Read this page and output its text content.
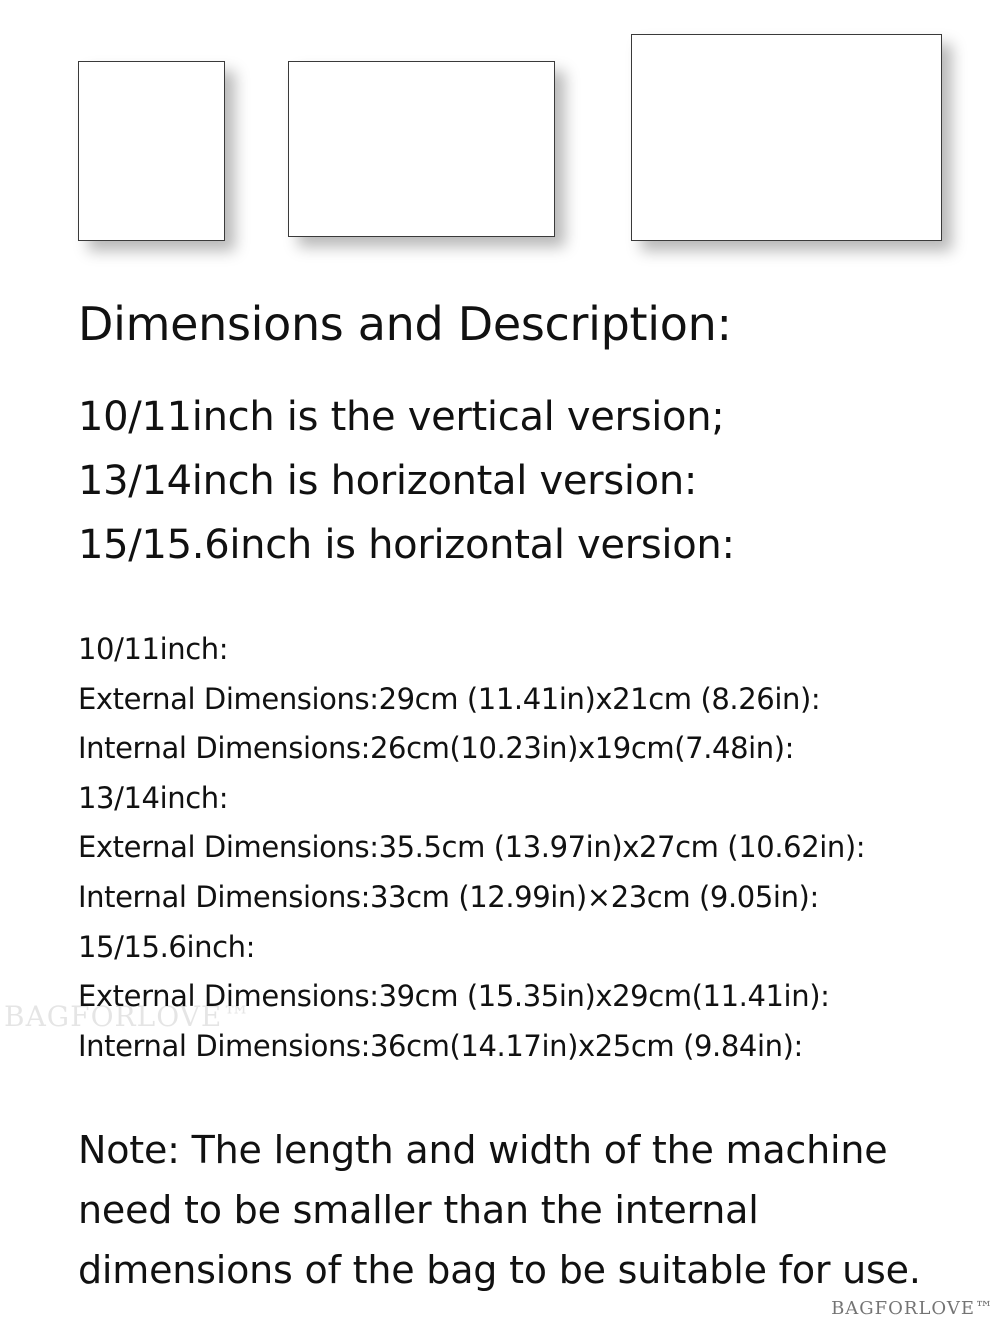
Dimensions and Description:
10/11inch is the vertical version;
13/14inch is horizontal version:
15/15.6inch is horizontal version:
10/11inch:
External Dimensions:29cm (11.41in)x21cm (8.26in):
Internal Dimensions:26cm(10.23in)x19cm(7.48in):
13/14inch:
External Dimensions:35.5cm (13.97in)x27cm (10.62in):
Internal Dimensions:33cm (12.99in)×23cm (9.05in):
15/15.6inch:
External Dimensions:39cm (15.35in)x29cm(11.41in):
Internal Dimensions:36cm(14.17in)x25cm (9.84in):

Note: The length and width of the machine need to be smaller than the internal dimensions of the bag to be suitable for use.

BAGFORLOVE™
BAGFORLOVE™
